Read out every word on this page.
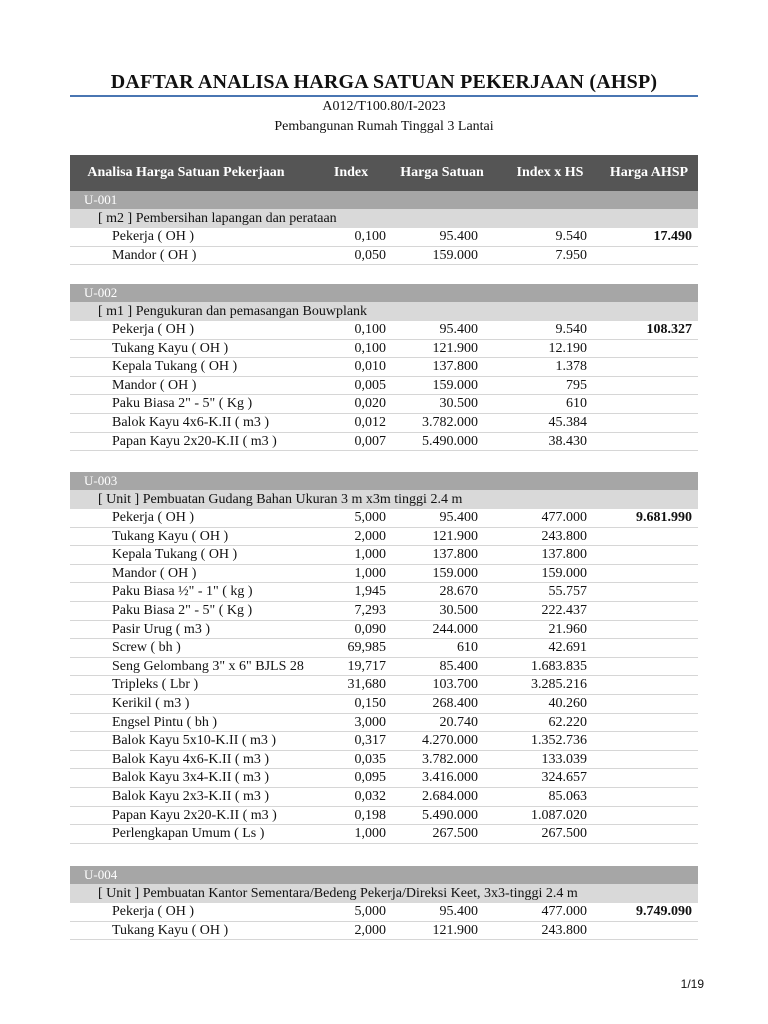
DAFTAR ANALISA HARGA SATUAN PEKERJAAN (AHSP)
A012/T100.80/I-2023
Pembangunan Rumah Tinggal 3 Lantai
Analisa Harga Satuan Pekerjaan	Index	Harga Satuan	Index x HS	Harga AHSP
U-001
[ m2 ] Pembersihan lapangan dan perataan
Pekerja ( OH )	0,100	95.400	9.540	17.490
Mandor ( OH )	0,050	159.000	7.950
U-002
[ m1 ] Pengukuran dan pemasangan Bouwplank
Pekerja ( OH )	0,100	95.400	9.540	108.327
Tukang Kayu ( OH )	0,100	121.900	12.190
Kepala Tukang ( OH )	0,010	137.800	1.378
Mandor ( OH )	0,005	159.000	795
Paku Biasa 2" - 5" ( Kg )	0,020	30.500	610
Balok Kayu 4x6-K.II ( m3 )	0,012	3.782.000	45.384
Papan Kayu 2x20-K.II ( m3 )	0,007	5.490.000	38.430
U-003
[ Unit ] Pembuatan Gudang Bahan Ukuran 3 m x3m tinggi 2.4 m
Pekerja ( OH )	5,000	95.400	477.000	9.681.990
Tukang Kayu ( OH )	2,000	121.900	243.800
Kepala Tukang ( OH )	1,000	137.800	137.800
Mandor ( OH )	1,000	159.000	159.000
Paku Biasa ½" - 1" ( kg )	1,945	28.670	55.757
Paku Biasa 2" - 5" ( Kg )	7,293	30.500	222.437
Pasir Urug ( m3 )	0,090	244.000	21.960
Screw ( bh )	69,985	610	42.691
Seng Gelombang 3" x 6" BJLS 28	19,717	85.400	1.683.835
Tripleks ( Lbr )	31,680	103.700	3.285.216
Kerikil ( m3 )	0,150	268.400	40.260
Engsel Pintu ( bh )	3,000	20.740	62.220
Balok Kayu 5x10-K.II ( m3 )	0,317	4.270.000	1.352.736
Balok Kayu 4x6-K.II ( m3 )	0,035	3.782.000	133.039
Balok Kayu 3x4-K.II ( m3 )	0,095	3.416.000	324.657
Balok Kayu 2x3-K.II ( m3 )	0,032	2.684.000	85.063
Papan Kayu 2x20-K.II ( m3 )	0,198	5.490.000	1.087.020
Perlengkapan Umum ( Ls )	1,000	267.500	267.500
U-004
[ Unit ] Pembuatan Kantor Sementara/Bedeng Pekerja/Direksi Keet, 3x3-tinggi 2.4 m
Pekerja ( OH )	5,000	95.400	477.000	9.749.090
Tukang Kayu ( OH )	2,000	121.900	243.800
1/19
